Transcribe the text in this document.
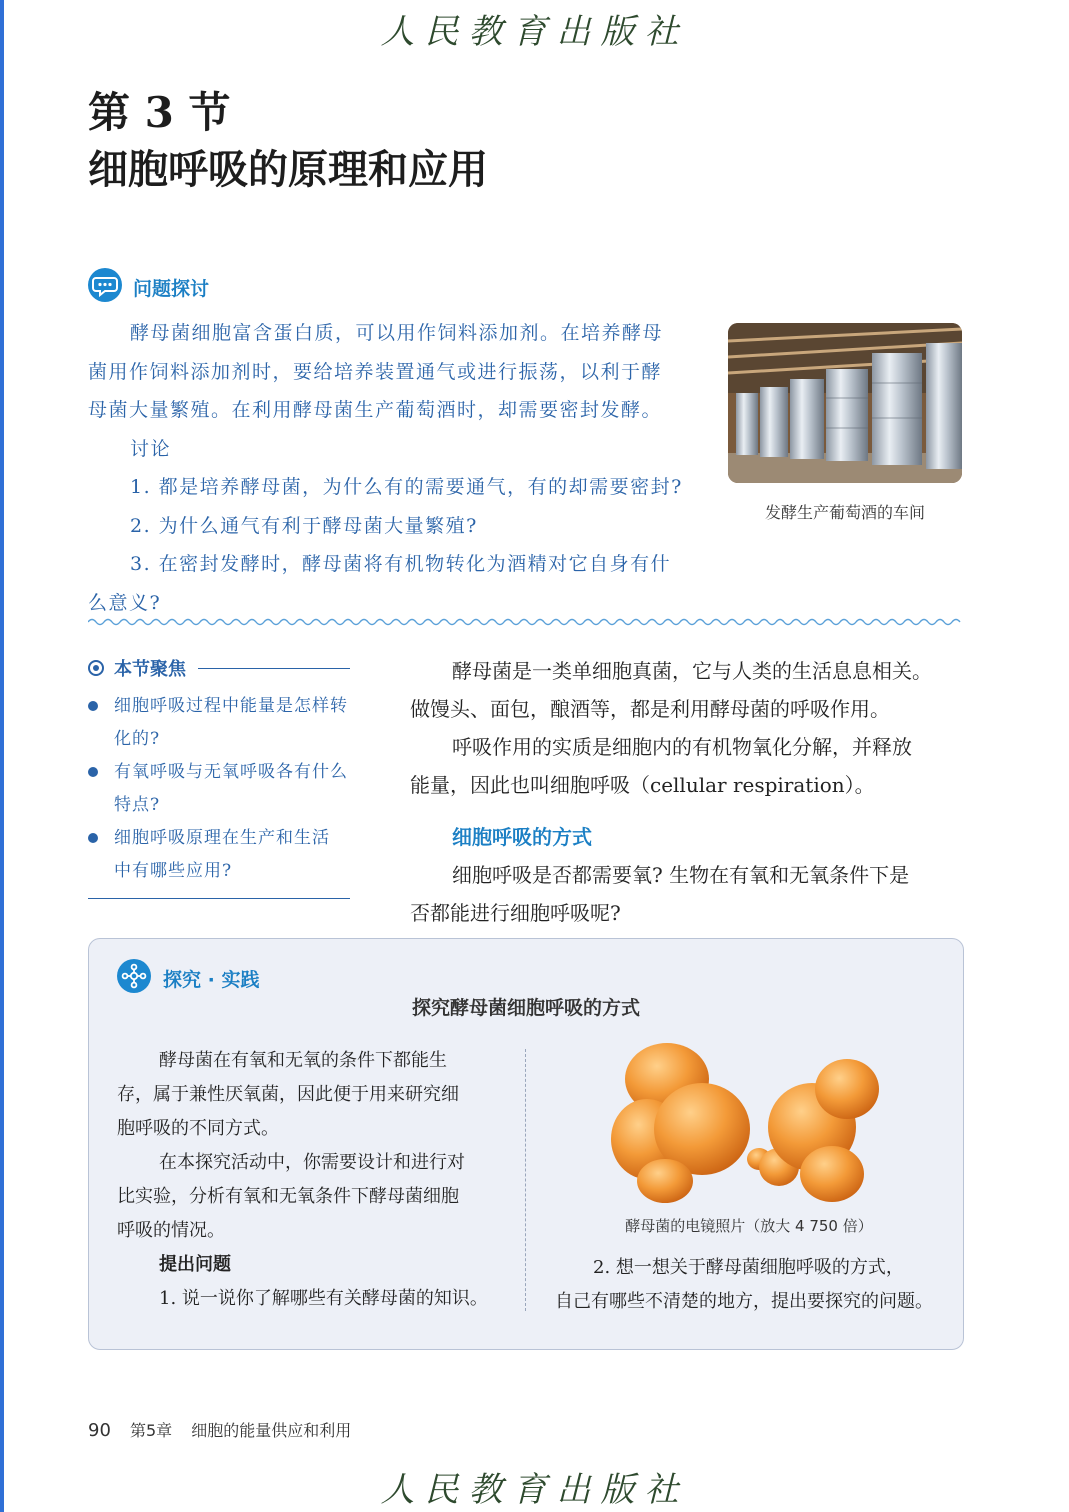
人民教育出版社
第 3 节
细胞呼吸的原理和应用
问题探讨

酵母菌细胞富含蛋白质，可以用作饲料添加剂。在培养酵母

菌用作饲料添加剂时，要给培养装置通气或进行振荡，以利于酵

母菌大量繁殖。在利用酵母菌生产葡萄酒时，却需要密封发酵。

讨论

1. 都是培养酵母菌，为什么有的需要通气，有的却需要密封?

2. 为什么通气有利于酵母菌大量繁殖?

3. 在密封发酵时，酵母菌将有机物转化为酒精对它自身有什

么意义?

发酵生产葡萄酒的车间
本节聚焦
细胞呼吸过程中能量是怎样转
化的?
有氧呼吸与无氧呼吸各有什么
特点?
细胞呼吸原理在生产和生活
中有哪些应用?

酵母菌是一类单细胞真菌，它与人类的生活息息相关。

做馒头、面包，酿酒等，都是利用酵母菌的呼吸作用。

呼吸作用的实质是细胞内的有机物氧化分解，并释放

能量，因此也叫细胞呼吸（cellular respiration）。

细胞呼吸的方式

细胞呼吸是否都需要氧? 生物在有氧和无氧条件下是

否都能进行细胞呼吸呢?

探究 · 实践
探究酵母菌细胞呼吸的方式

酵母菌在有氧和无氧的条件下都能生

存，属于兼性厌氧菌，因此便于用来研究细

胞呼吸的不同方式。

在本探究活动中，你需要设计和进行对

比实验，分析有氧和无氧条件下酵母菌细胞

呼吸的情况。

提出问题

1. 说一说你了解哪些有关酵母菌的知识。

酵母菌的电镜照片（放大 4 750 倍）

2. 想一想关于酵母菌细胞呼吸的方式，

自己有哪些不清楚的地方，提出要探究的问题。

90 第5章 细胞的能量供应和利用
人民教育出版社
